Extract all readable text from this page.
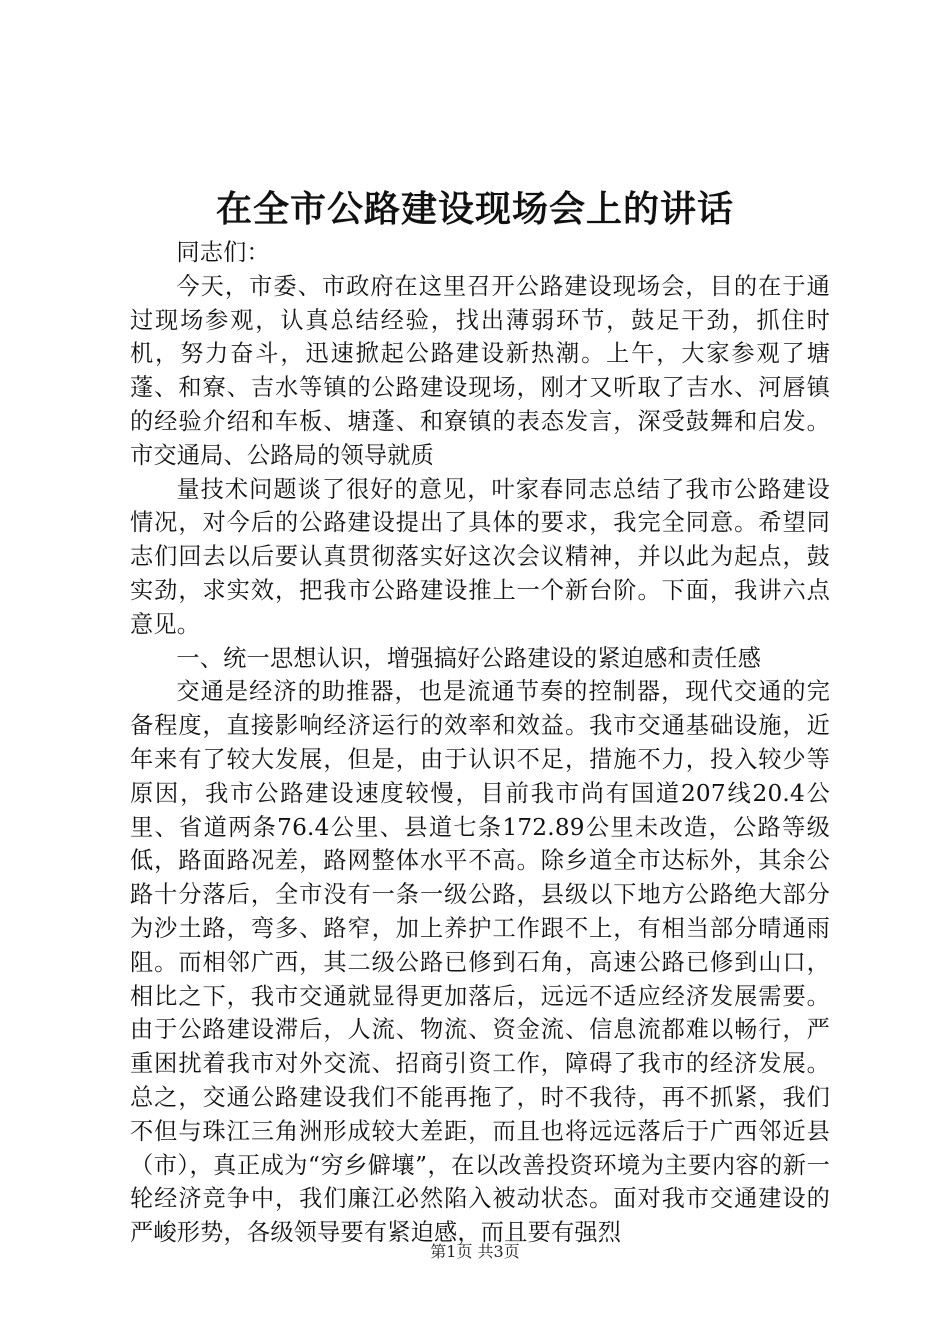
在全市公路建设现场会上的讲话

同志们：

今天，市委、市政府在这里召开公路建设现场会，目的在于通过现场参观，认真总结经验，找出薄弱环节，鼓足干劲，抓住时机，努力奋斗，迅速掀起公路建设新热潮。上午，大家参观了塘蓬、和寮、吉水等镇的公路建设现场，刚才又听取了吉水、河唇镇的经验介绍和车板、塘蓬、和寮镇的表态发言，深受鼓舞和启发。市交通局、公路局的领导就质

量技术问题谈了很好的意见，叶家春同志总结了我市公路建设情况，对今后的公路建设提出了具体的要求，我完全同意。希望同志们回去以后要认真贯彻落实好这次会议精神，并以此为起点，鼓实劲，求实效，把我市公路建设推上一个新台阶。下面，我讲六点意见。

一、统一思想认识，增强搞好公路建设的紧迫感和责任感

交通是经济的助推器，也是流通节奏的控制器，现代交通的完备程度，直接影响经济运行的效率和效益。我市交通基础设施，近年来有了较大发展，但是，由于认识不足，措施不力，投入较少等原因，我市公路建设速度较慢，目前我市尚有国道207线20.4公里、省道两条76.4公里、县道七条172.89公里未改造，公路等级低，路面路况差，路网整体水平不高。除乡道全市达标外，其余公路十分落后，全市没有一条一级公路，县级以下地方公路绝大部分为沙土路，弯多、路窄，加上养护工作跟不上，有相当部分晴通雨阻。而相邻广西，其二级公路已修到石角，高速公路已修到山口，相比之下，我市交通就显得更加落后，远远不适应经济发展需要。由于公路建设滞后，人流、物流、资金流、信息流都难以畅行，严重困扰着我市对外交流、招商引资工作，障碍了我市的经济发展。总之，交通公路建设我们不能再拖了，时不我待，再不抓紧，我们不但与珠江三角洲形成较大差距，而且也将远远落后于广西邻近县（市），真正成为“穷乡僻壤”，在以改善投资环境为主要内容的新一轮经济竞争中，我们廉江必然陷入被动状态。面对我市交通建设的严峻形势，各级领导要有紧迫感，而且要有强烈

第1页 共3页
